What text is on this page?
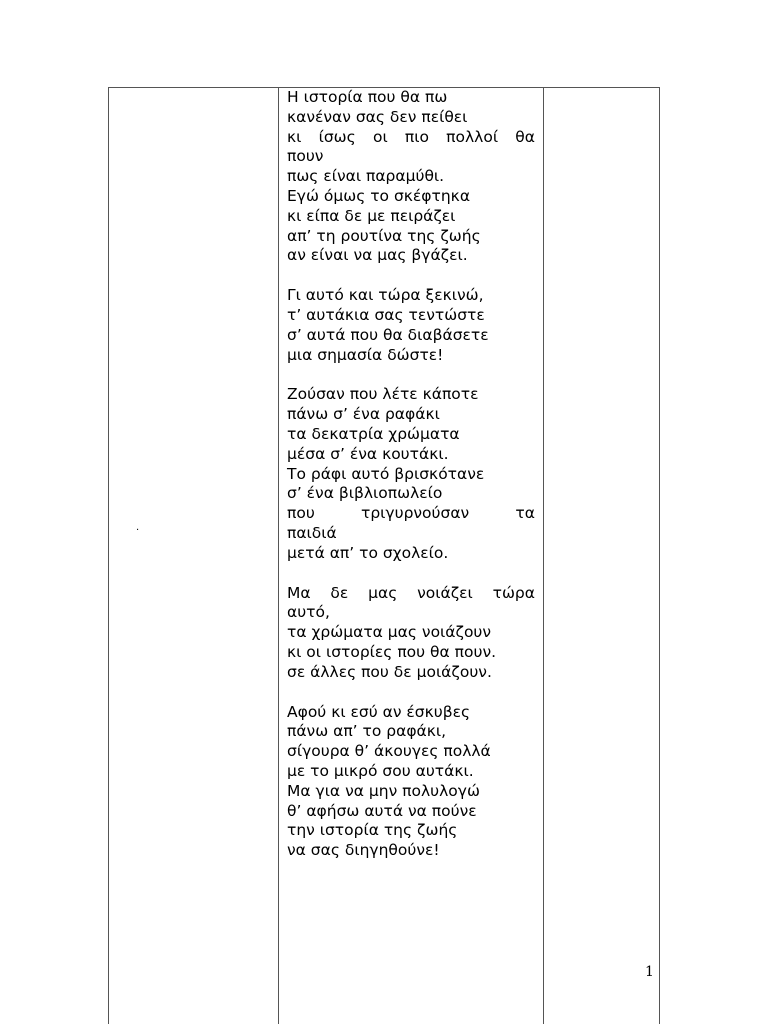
.
Η ιστορία που θα πω
κανέναν σας δεν πείθει
κι ίσως οι πιο πολλοί θα
πουν
πως είναι παραμύθι.
Εγώ όμως το σκέφτηκα
κι είπα δε με πειράζει
απ’ τη ρουτίνα της ζωής
αν είναι να μας βγάζει.
Γι αυτό και τώρα ξεκινώ,
τ’ αυτάκια σας τεντώστε
σ’ αυτά που θα διαβάσετε
μια σημασία δώστε!
Ζούσαν που λέτε κάποτε
πάνω σ’ ένα ραφάκι
τα δεκατρία χρώματα
μέσα σ’ ένα κουτάκι.
Το ράφι αυτό βρισκότανε
σ’ ένα βιβλιοπωλείο
που τριγυρνούσαν τα
παιδιά
μετά απ’ το σχολείο.
Μα δε μας νοιάζει τώρα
αυτό,
τα χρώματα μας νοιάζουν
κι οι ιστορίες που θα πουν.
σε άλλες που δε μοιάζουν.
Αφού κι εσύ αν έσκυβες
πάνω απ’ το ραφάκι,
σίγουρα θ’ άκουγες πολλά
με το μικρό σου αυτάκι.
Μα για να μην πολυλογώ
θ’ αφήσω αυτά να πούνε
την ιστορία της ζωής
να σας διηγηθούνε!
1
